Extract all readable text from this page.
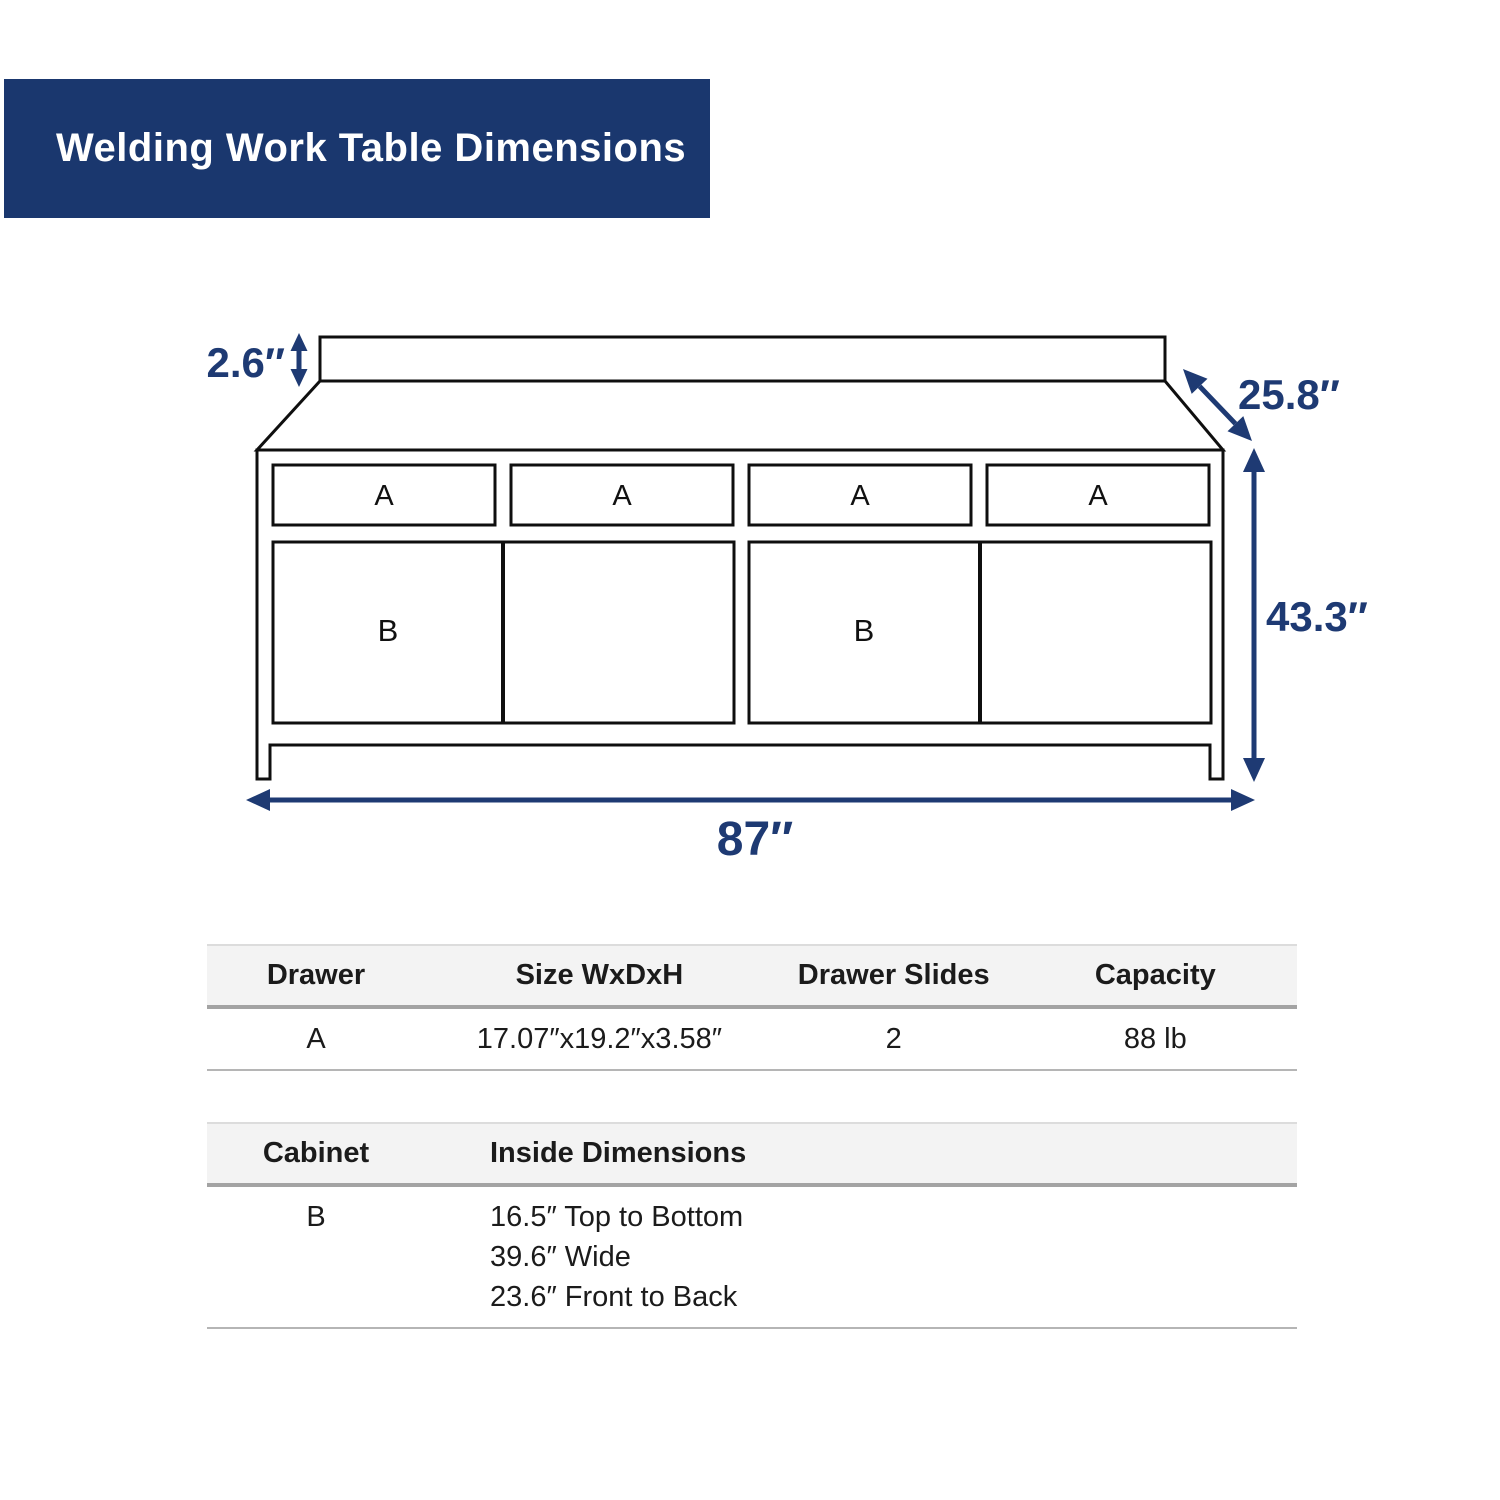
Welding Work Table Dimensions
2.6″
25.8″
43.3″
87″
A	A	A	A
B	B
Drawer	Size WxDxH	Drawer Slides	Capacity
A	17.07″x19.2″x3.58″	2	88 lb
Cabinet	Inside Dimensions
B	16.5″ Top to Bottom
39.6″ Wide
23.6″ Front to Back
